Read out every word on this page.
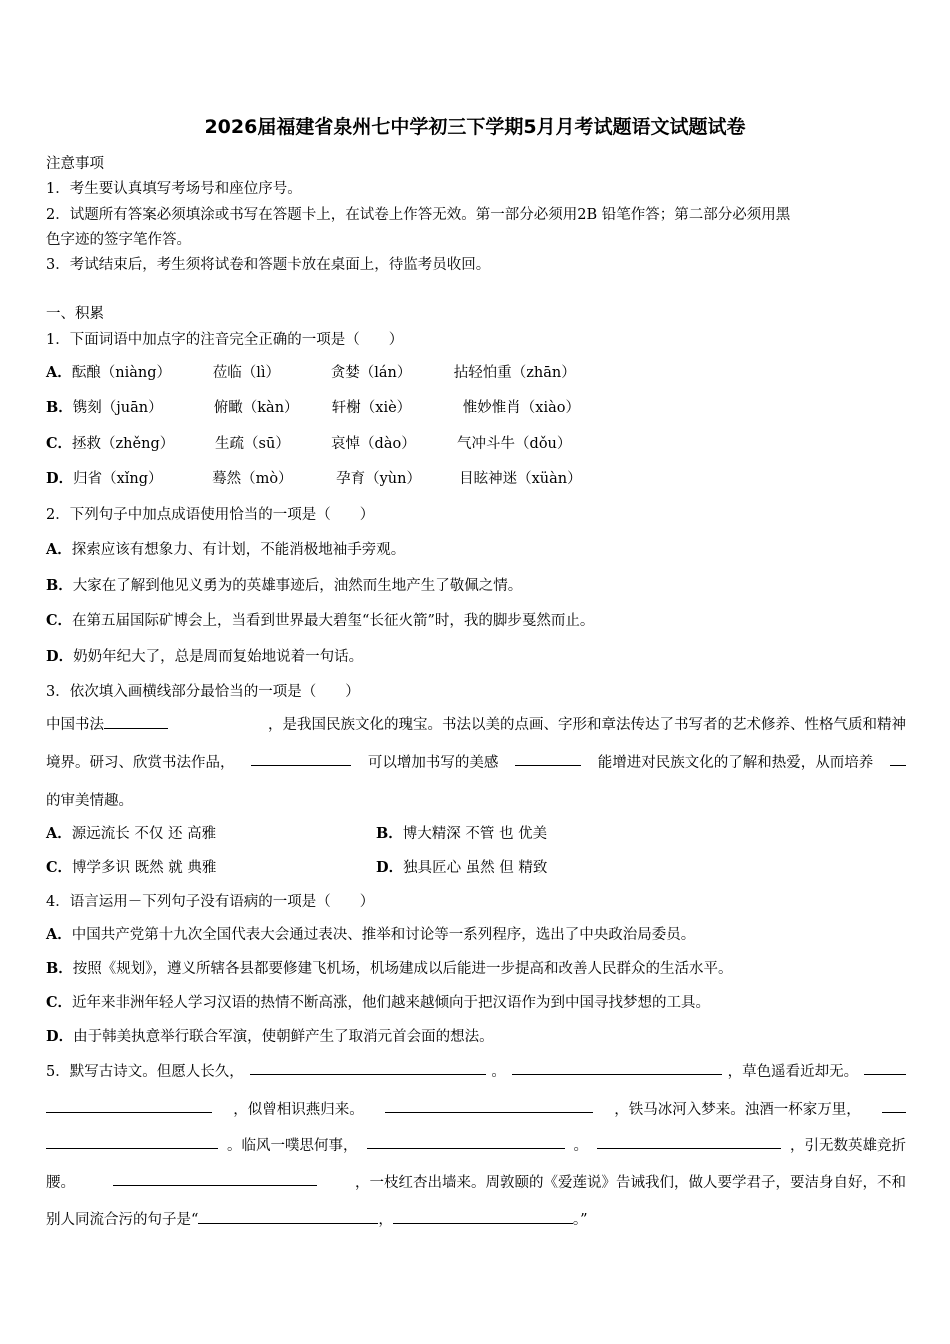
2026届福建省泉州七中学初三下学期5月月考试题语文试题试卷
注意事项
1．考生要认真填写考场号和座位序号。
2．试题所有答案必须填涂或书写在答题卡上，在试卷上作答无效。第一部分必须用2B 铅笔作答；第二部分必须用黑
色字迹的签字笔作答。
3．考试结束后，考生须将试卷和答题卡放在桌面上，待监考员收回。
一、积累
1．下面词语中加点字的注音完全正确的一项是（　　）
A．酝酿（niàng）	莅临（lì）	贪婪（lán）	拈轻怕重（zhān）
B．镌刻（juān）	俯瞰（kàn） 轩榭（xiè）	惟妙惟肖（xiào）
C．拯救（zhěng）	生疏（sū）	哀悼（dào）	气冲斗牛（dǒu）
D．归省（xǐng）	蓦然（mò）	孕育（yùn）	目眩神迷（xüàn）
2．下列句子中加点成语使用恰当的一项是（　　）
A．探索应该有想象力、有计划，不能消极地袖手旁观。
B．大家在了解到他见义勇为的英雄事迹后，油然而生地产生了敬佩之情。
C．在第五届国际矿博会上，当看到世界最大碧玺“长征火箭”时，我的脚步戛然而止。
D．奶奶年纪大了，总是周而复始地说着一句话。
3．依次填入画横线部分最恰当的一项是（　　）
中国书法	，是我国民族文化的瑰宝。书法以美的点画、字形和章法传达了书写者的艺术修养、性格气质和精神
境界。研习、欣赏书法作品，	可以增加书写的美感	能增进对民族文化的了解和热爱，从而培养
的审美情趣。
A．源远流长 不仅 还 高雅	B．博大精深 不管 也 优美
C．博学多识 既然 就 典雅	D．独具匠心 虽然 但 精致
4．语言运用－下列句子没有语病的一项是（　　）
A．中国共产党第十九次全国代表大会通过表决、推举和讨论等一系列程序，选出了中央政治局委员。
B．按照《规划》，遵义所辖各县都要修建飞机场，机场建成以后能进一步提高和改善人民群众的生活水平。
C．近年来非洲年轻人学习汉语的热情不断高涨，他们越来越倾向于把汉语作为到中国寻找梦想的工具。
D．由于韩美执意举行联合军演，使朝鲜产生了取消元首会面的想法。
5．默写古诗文。但愿人长久，	。	，草色遥看近却无。
，似曾相识燕归来。	，铁马冰河入梦来。浊酒一杯家万里，
。临风一噗思何事，	。	，引无数英雄竞折
腰。	，一枝红杏出墙来。周敦颐的《爱莲说》告诫我们，做人要学君子，要洁身自好，不和
别人同流合污的句子是“	，	。”
